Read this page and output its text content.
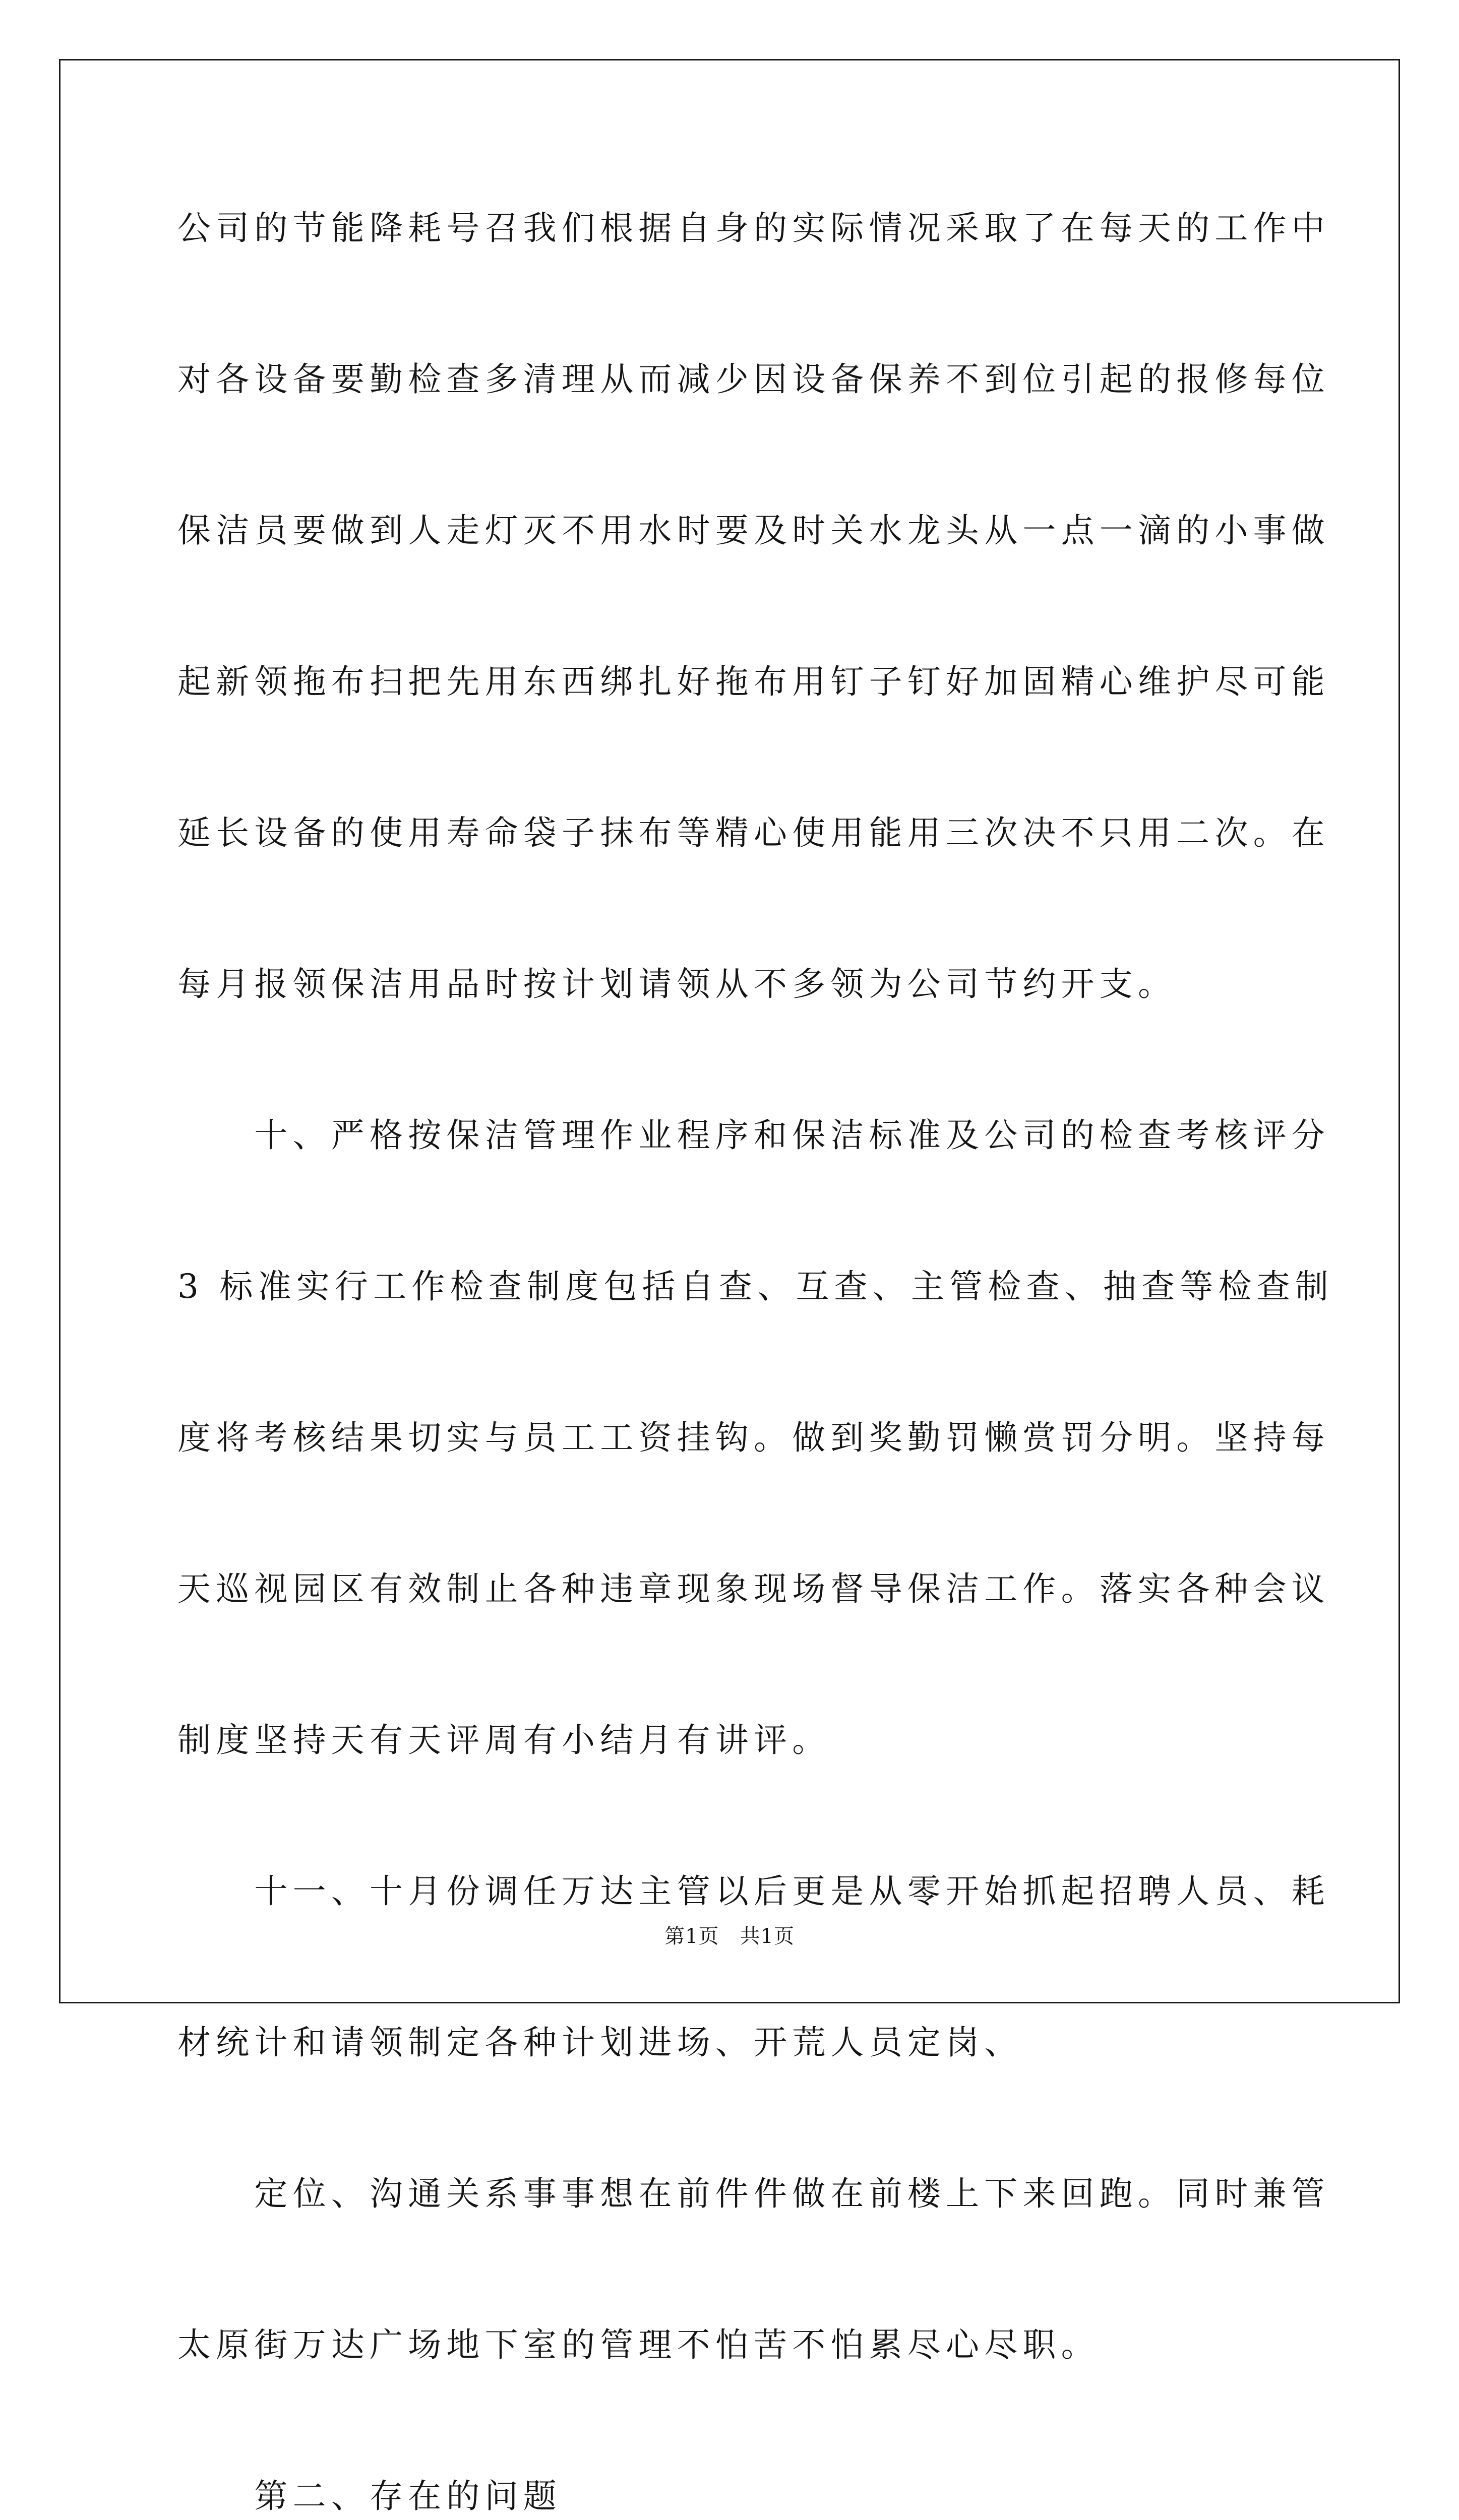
公司的节能降耗号召我们根据自身的实际情况采取了在每天的工作中
对各设备要勤检查多清理从而减少因设备保养不到位引起的报修每位
保洁员要做到人走灯灭不用水时要及时关水龙头从一点一滴的小事做
起新领拖布扫把先用东西绑扎好拖布用钉子钉好加固精心维护尽可能
延长设备的使用寿命袋子抹布等精心使用能用三次决不只用二次。在
每月报领保洁用品时按计划请领从不多领为公司节约开支。
　　十、严格按保洁管理作业程序和保洁标准及公司的检查考核评分
3 标准实行工作检查制度包括自查、互查、主管检查、抽查等检查制
度将考核结果切实与员工工资挂钩。做到奖勤罚懒赏罚分明。坚持每
天巡视园区有效制止各种违章现象现场督导保洁工作。落实各种会议
制度坚持天有天评周有小结月有讲评。
　　十一、十月份调任万达主管以后更是从零开始抓起招聘人员、耗
材统计和请领制定各种计划进场、开荒人员定岗、
　　定位、沟通关系事事想在前件件做在前楼上下来回跑。同时兼管
太原街万达广场地下室的管理不怕苦不怕累尽心尽职。
　　第二、存在的问题
第1页　共1页
